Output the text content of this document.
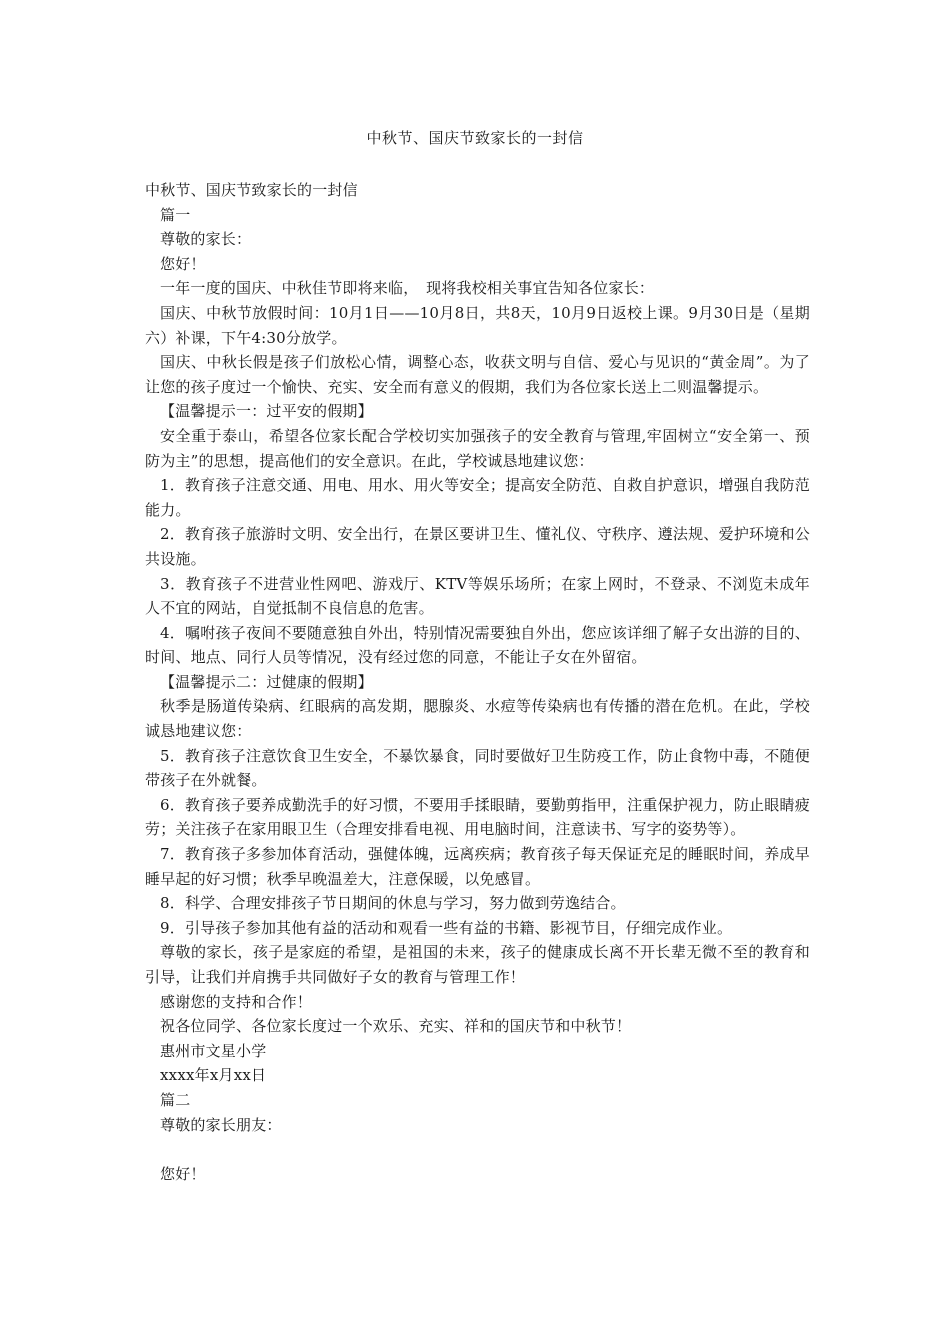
中秋节、国庆节致家长的一封信

中秋节、国庆节致家长的一封信

篇一

尊敬的家长：

您好！

一年一度的国庆、中秋佳节即将来临，　现将我校相关事宜告知各位家长：

国庆、中秋节放假时间：10月1日——10月8日，共8天，10月9日返校上课。9月30日是（星期六）补课，下午4:30分放学。

国庆、中秋长假是孩子们放松心情，调整心态，收获文明与自信、爱心与见识的“黄金周”。为了让您的孩子度过一个愉快、充实、安全而有意义的假期，我们为各位家长送上二则温馨提示。

【温馨提示一：过平安的假期】

安全重于泰山，希望各位家长配合学校切实加强孩子的安全教育与管理,牢固树立“安全第一、预防为主”的思想，提高他们的安全意识。在此，学校诚恳地建议您：

1．教育孩子注意交通、用电、用水、用火等安全；提高安全防范、自救自护意识，增强自我防范能力。

2．教育孩子旅游时文明、安全出行，在景区要讲卫生、懂礼仪、守秩序、遵法规、爱护环境和公共设施。

3．教育孩子不进营业性网吧、游戏厅、KTV等娱乐场所；在家上网时，不登录、不浏览未成年人不宜的网站，自觉抵制不良信息的危害。

4．嘱咐孩子夜间不要随意独自外出，特别情况需要独自外出，您应该详细了解子女出游的目的、时间、地点、同行人员等情况，没有经过您的同意，不能让子女在外留宿。

【温馨提示二：过健康的假期】

秋季是肠道传染病、红眼病的高发期，腮腺炎、水痘等传染病也有传播的潜在危机。在此，学校诚恳地建议您：

5．教育孩子注意饮食卫生安全，不暴饮暴食，同时要做好卫生防疫工作，防止食物中毒，不随便带孩子在外就餐。

6．教育孩子要养成勤洗手的好习惯，不要用手揉眼睛，要勤剪指甲，注重保护视力，防止眼睛疲劳；关注孩子在家用眼卫生（合理安排看电视、用电脑时间，注意读书、写字的姿势等）。

7．教育孩子多参加体育活动，强健体魄，远离疾病；教育孩子每天保证充足的睡眠时间，养成早睡早起的好习惯；秋季早晚温差大，注意保暖，以免感冒。

8．科学、合理安排孩子节日期间的休息与学习，努力做到劳逸结合。

9．引导孩子参加其他有益的活动和观看一些有益的书籍、影视节目，仔细完成作业。

尊敬的家长，孩子是家庭的希望，是祖国的未来，孩子的健康成长离不开长辈无微不至的教育和引导，让我们并肩携手共同做好子女的教育与管理工作！

感谢您的支持和合作！

祝各位同学、各位家长度过一个欢乐、充实、祥和的国庆节和中秋节！

惠州市文星小学

xxxx年x月xx日

篇二

尊敬的家长朋友：

您好！
